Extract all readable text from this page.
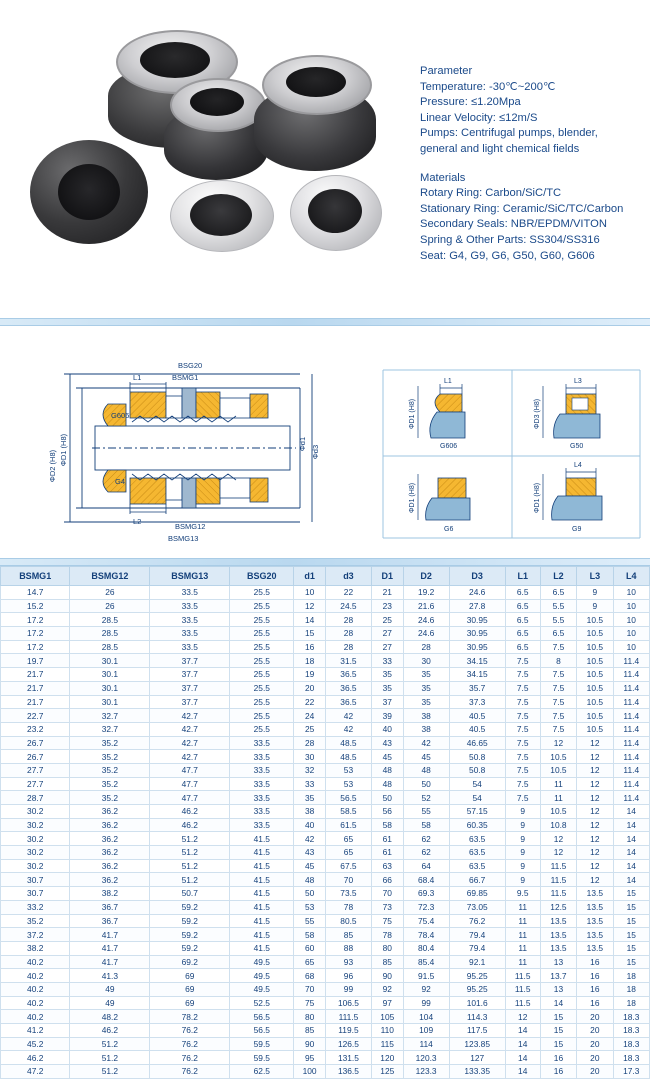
Parameter
Temperature: -30℃~200℃
Pressure: ≤1.20Mpa
Linear Velocity: ≤12m/S
Pumps: Centrifugal pumps, blender,
general and light chemical fields
Materials
Rotary Ring: Carbon/SiC/TC
Stationary Ring: Ceramic/SiC/TC/Carbon
Secondary Seals: NBR/EPDM/VITON
Spring & Other Parts: SS304/SS316
Seat: G4, G9, G6, G50, G60, G606
BSG20
BSMG1
BSMG13
BSMG12
L1
L2
G606
G4
ΦD1 (H8)
ΦD2 (H8)
Φd1
Φd3
L1
ΦD1 (H8)
G606
L3
ΦD3 (H8)
G50
ΦD1 (H8)
G6
L4
ΦD1 (H8)
G9
BSMG1	BSMG12	BSMG13	BSG20	d1	d3	D1	D2	D3	L1	L2	L3	L4
14.7	26	33.5	25.5	10	22	21	19.2	24.6	6.5	6.5	9	10
15.2	26	33.5	25.5	12	24.5	23	21.6	27.8	6.5	5.5	9	10
17.2	28.5	33.5	25.5	14	28	25	24.6	30.95	6.5	5.5	10.5	10
17.2	28.5	33.5	25.5	15	28	27	24.6	30.95	6.5	6.5	10.5	10
17.2	28.5	33.5	25.5	16	28	27	28	30.95	6.5	7.5	10.5	10
19.7	30.1	37.7	25.5	18	31.5	33	30	34.15	7.5	8	10.5	11.4
21.7	30.1	37.7	25.5	19	36.5	35	35	34.15	7.5	7.5	10.5	11.4
21.7	30.1	37.7	25.5	20	36.5	35	35	35.7	7.5	7.5	10.5	11.4
21.7	30.1	37.7	25.5	22	36.5	37	35	37.3	7.5	7.5	10.5	11.4
22.7	32.7	42.7	25.5	24	42	39	38	40.5	7.5	7.5	10.5	11.4
23.2	32.7	42.7	25.5	25	42	40	38	40.5	7.5	7.5	10.5	11.4
26.7	35.2	42.7	33.5	28	48.5	43	42	46.65	7.5	12	12	11.4
26.7	35.2	42.7	33.5	30	48.5	45	45	50.8	7.5	10.5	12	11.4
27.7	35.2	47.7	33.5	32	53	48	48	50.8	7.5	10.5	12	11.4
27.7	35.2	47.7	33.5	33	53	48	50	54	7.5	11	12	11.4
28.7	35.2	47.7	33.5	35	56.5	50	52	54	7.5	11	12	11.4
30.2	36.2	46.2	33.5	38	58.5	56	55	57.15	9	10.5	12	14
30.2	36.2	46.2	33.5	40	61.5	58	58	60.35	9	10.8	12	14
30.2	36.2	51.2	41.5	42	65	61	62	63.5	9	12	12	14
30.2	36.2	51.2	41.5	43	65	61	62	63.5	9	12	12	14
30.2	36.2	51.2	41.5	45	67.5	63	64	63.5	9	11.5	12	14
30.7	36.2	51.2	41.5	48	70	66	68.4	66.7	9	11.5	12	14
30.7	38.2	50.7	41.5	50	73.5	70	69.3	69.85	9.5	11.5	13.5	15
33.2	36.7	59.2	41.5	53	78	73	72.3	73.05	11	12.5	13.5	15
35.2	36.7	59.2	41.5	55	80.5	75	75.4	76.2	11	13.5	13.5	15
37.2	41.7	59.2	41.5	58	85	78	78.4	79.4	11	13.5	13.5	15
38.2	41.7	59.2	41.5	60	88	80	80.4	79.4	11	13.5	13.5	15
40.2	41.7	69.2	49.5	65	93	85	85.4	92.1	11	13	16	15
40.2	41.3	69	49.5	68	96	90	91.5	95.25	11.5	13.7	16	18
40.2	49	69	49.5	70	99	92	92	95.25	11.5	13	16	18
40.2	49	69	52.5	75	106.5	97	99	101.6	11.5	14	16	18
40.2	48.2	78.2	56.5	80	111.5	105	104	114.3	12	15	20	18.3
41.2	46.2	76.2	56.5	85	119.5	110	109	117.5	14	15	20	18.3
45.2	51.2	76.2	59.5	90	126.5	115	114	123.85	14	15	20	18.3
46.2	51.2	76.2	59.5	95	131.5	120	120.3	127	14	16	20	18.3
47.2	51.2	76.2	62.5	100	136.5	125	123.3	133.35	14	16	20	17.3
